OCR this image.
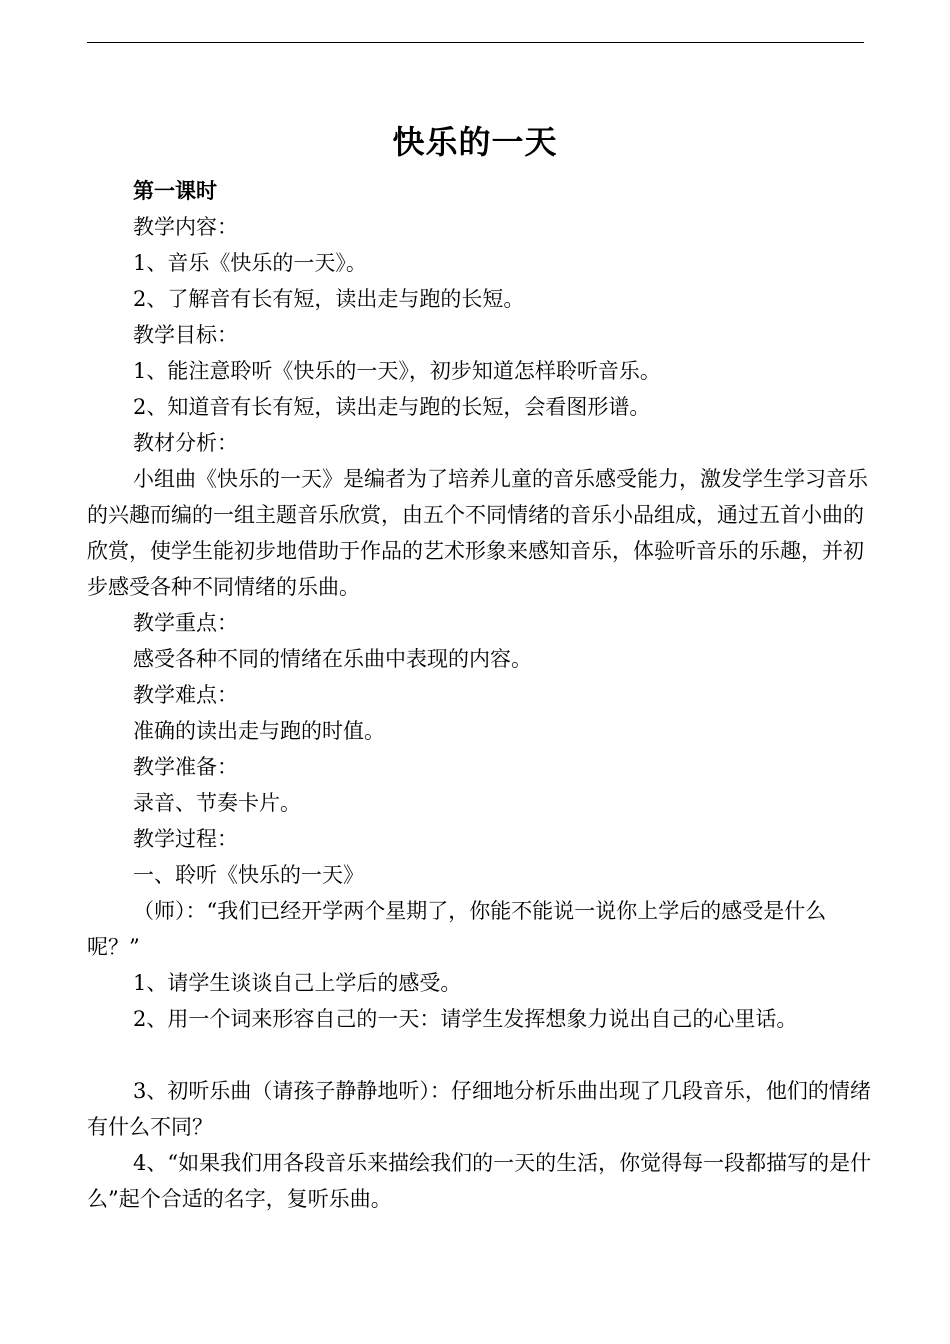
快乐的一天

第一课时

教学内容：

1、音乐《快乐的一天》。

2、了解音有长有短，读出走与跑的长短。

教学目标：

1、能注意聆听《快乐的一天》，初步知道怎样聆听音乐。

2、知道音有长有短，读出走与跑的长短，会看图形谱。

教材分析：

小组曲《快乐的一天》是编者为了培养儿童的音乐感受能力，激发学生学习音乐的兴趣而编的一组主题音乐欣赏，由五个不同情绪的音乐小品组成，通过五首小曲的欣赏，使学生能初步地借助于作品的艺术形象来感知音乐，体验听音乐的乐趣，并初步感受各种不同情绪的乐曲。

教学重点：

感受各种不同的情绪在乐曲中表现的内容。

教学难点：

准确的读出走与跑的时值。

教学准备：

录音、节奏卡片。

教学过程：

一、聆听《快乐的一天》

（师）：“我们已经开学两个星期了，你能不能说一说你上学后的感受是什么呢？”

1、请学生谈谈自己上学后的感受。

2、用一个词来形容自己的一天：请学生发挥想象力说出自己的心里话。

3、初听乐曲（请孩子静静地听）：仔细地分析乐曲出现了几段音乐，他们的情绪有什么不同？

4、“如果我们用各段音乐来描绘我们的一天的生活，你觉得每一段都描写的是什么”起个合适的名字，复听乐曲。
